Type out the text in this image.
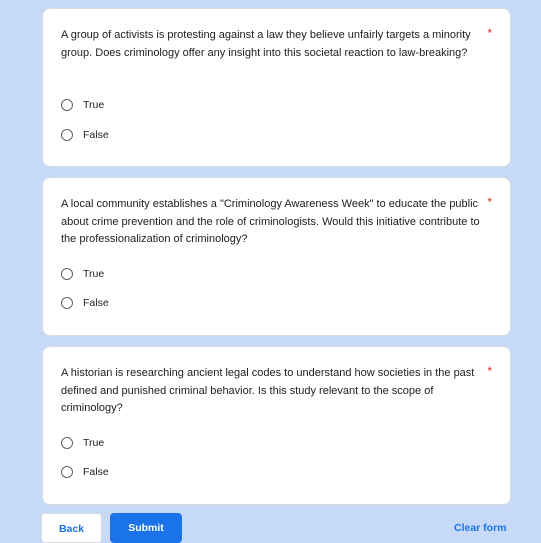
A group of activists is protesting against a law they believe unfairly targets a minority group. Does criminology offer any insight into this societal reaction to law-breaking?
*
True
False
A local community establishes a "Criminology Awareness Week" to educate the public about crime prevention and the role of criminologists. Would this initiative contribute to the professionalization of criminology?
*
True
False
A historian is researching ancient legal codes to understand how societies in the past defined and punished criminal behavior. Is this study relevant to the scope of criminology?
*
True
False
Back	Submit	Clear form
